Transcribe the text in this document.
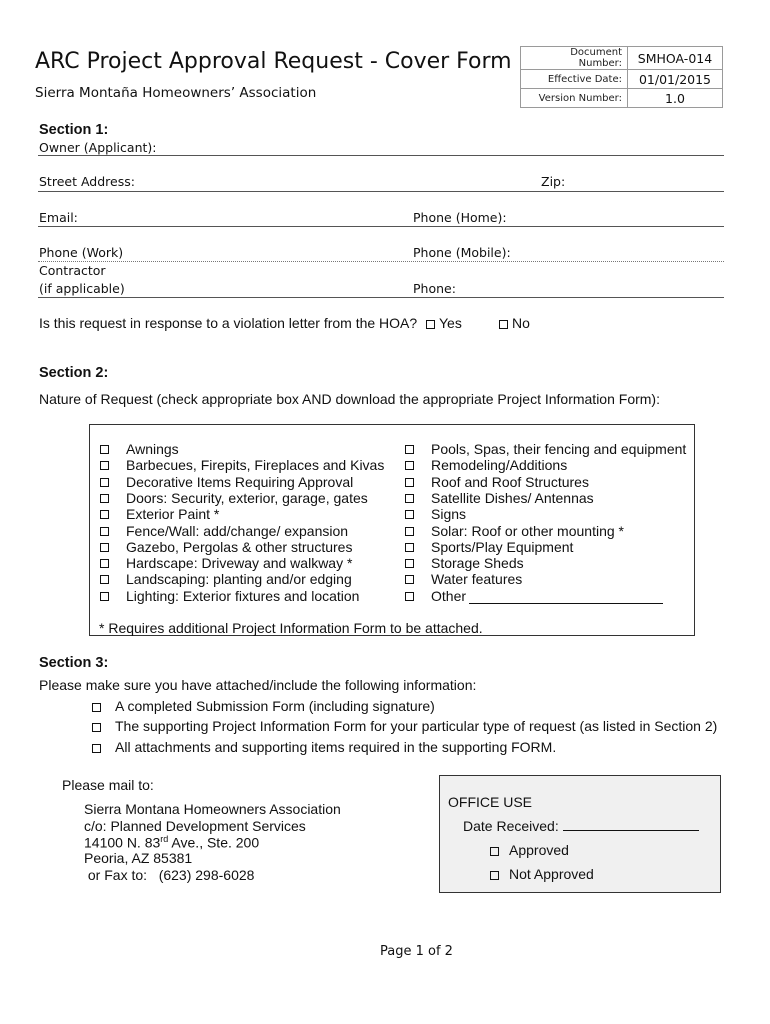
ARC Project Approval Request - Cover Form
Sierra Montaña Homeowners’ Association
Document Number:	SMHOA-014
Effective Date:	01/01/2015
Version Number:	1.0
Section 1:
Owner (Applicant):
Street Address:	Zip:
Email:	Phone (Home):
Phone (Work)	Phone (Mobile):
Contractor
(if applicable)	Phone:
Is this request in response to a violation letter from the HOA?	Yes	No
Section 2:
Nature of Request (check appropriate box AND download the appropriate Project Information Form):
Awnings
Barbecues, Firepits, Fireplaces and Kivas
Decorative Items Requiring Approval
Doors: Security, exterior, garage, gates
Exterior Paint *
Fence/Wall: add/change/ expansion
Gazebo, Pergolas & other structures
Hardscape: Driveway and walkway *
Landscaping: planting and/or edging
Lighting: Exterior fixtures and location
Pools, Spas, their fencing and equipment
Remodeling/Additions
Roof and Roof Structures
Satellite Dishes/ Antennas
Signs
Solar: Roof or other mounting *
Sports/Play Equipment
Storage Sheds
Water features
Other
* Requires additional Project Information Form to be attached.
Section 3:
Please make sure you have attached/include the following information:
A completed Submission Form (including signature)
The supporting Project Information Form for your particular type of request (as listed in Section 2)
All attachments and supporting items required in the supporting FORM.
Please mail to:
Sierra Montana Homeowners Association
c/o: Planned Development Services
14100 N. 83rd Ave., Ste. 200
Peoria, AZ 85381
or Fax to:   (623) 298-6028
OFFICE USE
Date Received:
Approved
Not Approved
Page 1 of 2
